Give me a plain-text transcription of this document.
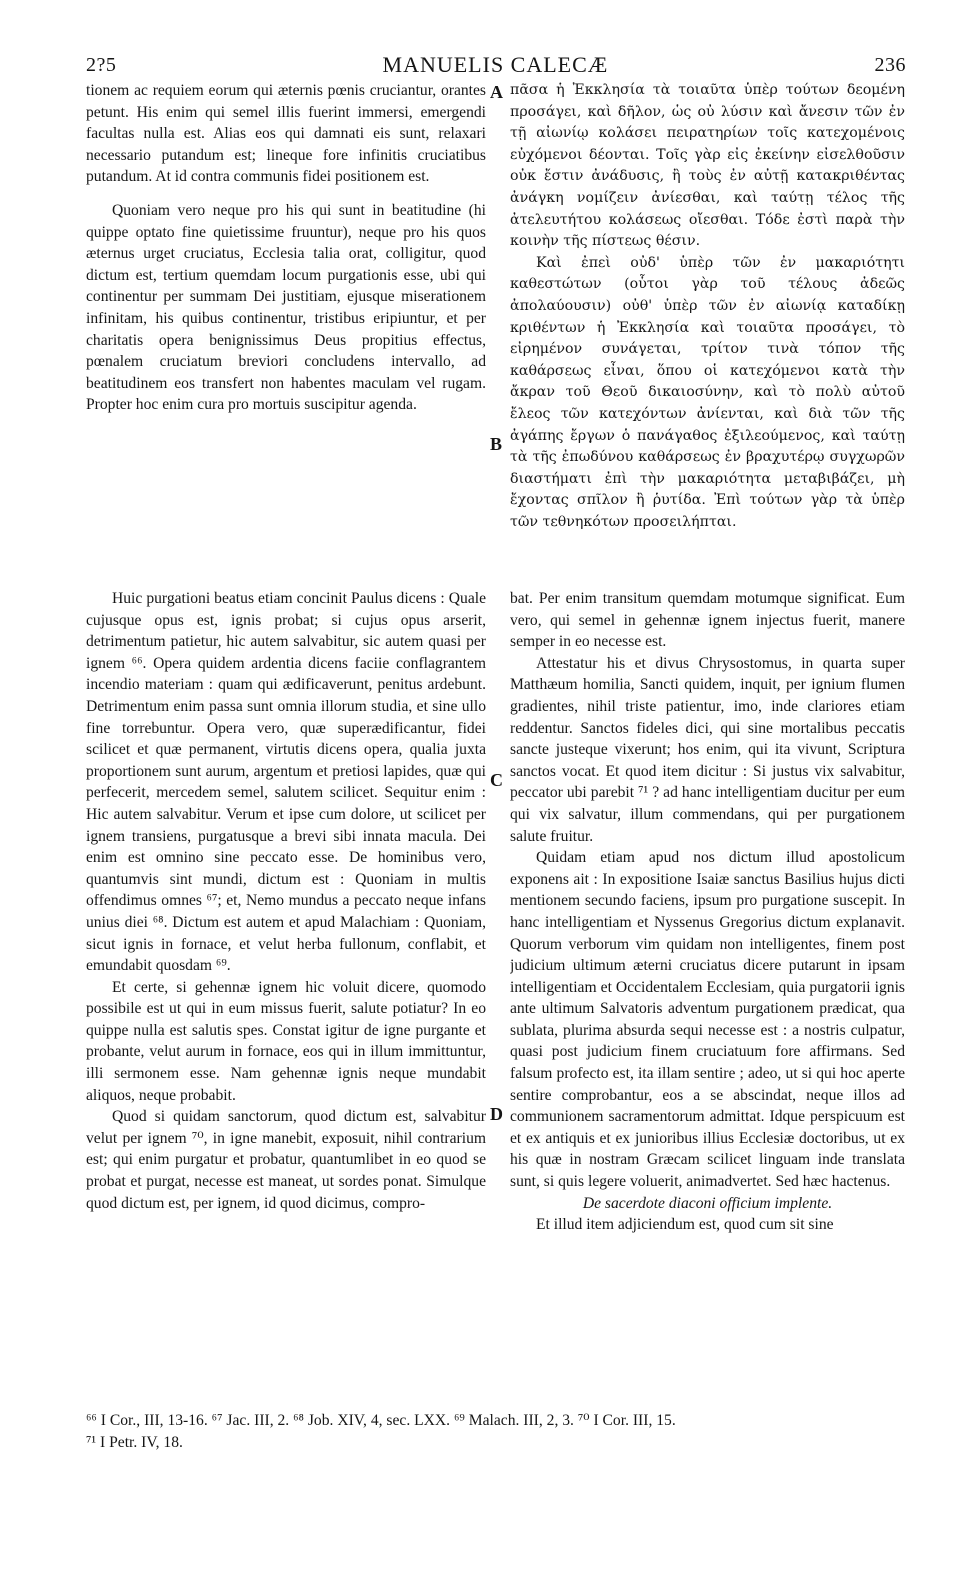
2?5	MANUELIS CALECÆ	236
A
B
C
D

tionem ac requiem eorum qui æternis pœnis cruciantur, orantes petunt. His enim qui semel illis fuerint immersi, emergendi facultas nulla est. Alias eos qui damnati eis sunt, relaxari necessario putandum est; lineque fore infinitis cruciatibus putandum. At id contra communis fidei positionem est.

Quoniam vero neque pro his qui sunt in beatitudine (hi quippe optato fine quietissime fruuntur), neque pro his quos æternus urget cruciatus, Ecclesia talia orat, colligitur, quod dictum est, tertium quemdam locum purgationis esse, ubi qui continentur per summam Dei justitiam, ejusque miserationem infinitam, his quibus continentur, tristibus eripiuntur, et per charitatis opera benignissimus Deus propitius effectus, pœnalem cruciatum breviori concludens intervallo, ad beatitudinem eos transfert non habentes maculam vel rugam. Propter hoc enim cura pro mortuis suscipitur agenda.

πᾶσα ἡ Ἐκκλησία τὰ τοιαῦτα ὑπὲρ τούτων δεομένη προσάγει, καὶ δῆλον, ὡς οὐ λύσιν καὶ ἄνεσιν τῶν ἐν τῇ αἰωνίῳ κολάσει πειρατηρίων τοῖς κατεχομένοις εὐχόμενοι δέονται. Τοῖς γὰρ εἰς ἐκείνην εἰσελθοῦσιν οὐκ ἔστιν ἀνάδυσις, ἢ τοὺς ἐν αὐτῇ κατακριθέντας ἀνάγκη νομίζειν ἀνίεσθαι, καὶ ταύτῃ τέλος τῆς ἀτελευτήτου κολάσεως οἴεσθαι. Τόδε ἐστὶ παρὰ τὴν κοινὴν τῆς πίστεως θέσιν.

Καὶ ἐπεὶ οὐδ' ὑπὲρ τῶν ἐν μακαριότητι καθεστώτων (οὗτοι γὰρ τοῦ τέλους ἀδεῶς ἀπολαύουσιν) οὐθ' ὑπὲρ τῶν ἐν αἰωνίᾳ καταδίκῃ κριθέντων ἡ Ἐκκλησία καὶ τοιαῦτα προσάγει, τὸ εἰρημένον συνάγεται, τρίτον τινὰ τόπον τῆς καθάρσεως εἶναι, ὅπου οἱ κατεχόμενοι κατὰ τὴν ἄκραν τοῦ Θεοῦ δικαιοσύνην, καὶ τὸ πολὺ αὐτοῦ ἔλεος τῶν κατεχόντων ἀνίενται, καὶ διὰ τῶν τῆς ἀγάπης ἔργων ὁ πανάγαθος ἐξιλεούμενος, καὶ ταύτῃ τὰ τῆς ἐπωδύνου καθάρσεως ἐν βραχυτέρῳ συγχωρῶν διαστήματι ἐπὶ τὴν μακαριότητα μεταβιβάζει, μὴ ἔχοντας σπῖλον ἢ ῥυτίδα. Ἐπὶ τούτων γὰρ τὰ ὑπὲρ τῶν τεθνηκότων προσειλήπται.

Huic purgationi beatus etiam concinit Paulus dicens : Quale cujusque opus est, ignis probat; si cujus opus arserit, detrimentum patietur, hic autem salvabitur, sic autem quasi per ignem ⁶⁶. Opera quidem ardentia dicens faciie conflagrantem incendio materiam : quam qui ædificaverunt, penitus ardebunt. Detrimentum enim passa sunt omnia illorum studia, et sine ullo fine torrebuntur. Opera vero, quæ superædificantur, fidei scilicet et quæ permanent, virtutis dicens opera, qualia juxta proportionem sunt aurum, argentum et pretiosi lapides, quæ qui perfecerit, mercedem semel, salutem scilicet. Sequitur enim : Hic autem salvabitur. Verum et ipse cum dolore, ut scilicet per ignem transiens, purgatusque a brevi sibi innata macula. Dei enim est omnino sine peccato esse. De hominibus vero, quantumvis sint mundi, dictum est : Quoniam in multis offendimus omnes ⁶⁷; et, Nemo mundus a peccato neque infans unius diei ⁶⁸. Dictum est autem et apud Malachiam : Quoniam, sicut ignis in fornace, et velut herba fullonum, conflabit, et emundabit quosdam ⁶⁹.

Et certe, si gehennæ ignem hic voluit dicere, quomodo possibile est ut qui in eum missus fuerit, salute potiatur? In eo quippe nulla est salutis spes. Constat igitur de igne purgante et probante, velut aurum in fornace, eos qui in illum immittuntur, illi sermonem esse. Nam gehennæ ignis neque mundabit aliquos, neque probabit.

Quod si quidam sanctorum, quod dictum est, salvabitur velut per ignem ⁷⁰, in igne manebit, exposuit, nihil contrarium est; qui enim purgatur et probatur, quantumlibet in eo quod se probat et purgat, necesse est maneat, ut sordes ponat. Simulque quod dictum est, per ignem, id quod dicimus, compro-

bat. Per enim transitum quemdam motumque significat. Eum vero, qui semel in gehennæ ignem injectus fuerit, manere semper in eo necesse est.

Attestatur his et divus Chrysostomus, in quarta super Matthæum homilia, Sancti quidem, inquit, per ignium flumen gradientes, nihil triste patientur, imo, inde clariores etiam reddentur. Sanctos fideles dici, qui sine mortalibus peccatis sancte justeque vixerunt; hos enim, qui ita vivunt, Scriptura sanctos vocat. Et quod item dicitur : Si justus vix salvabitur, peccator ubi parebit ⁷¹ ? ad hanc intelligentiam ducitur per eum qui vix salvatur, illum commendans, qui per purgationem salute fruitur.

Quidam etiam apud nos dictum illud apostolicum exponens ait : In expositione Isaiæ sanctus Basilius hujus dicti mentionem secundo faciens, ipsum pro purgatione suscepit. In hanc intelligentiam et Nyssenus Gregorius dictum explanavit. Quorum verborum vim quidam non intelligentes, finem post judicium ultimum æterni cruciatus dicere putarunt in ipsam intelligentiam et Occidentalem Ecclesiam, quia purgatorii ignis ante ultimum Salvatoris adventum purgationem prædicat, qua sublata, plurima absurda sequi necesse est : a nostris culpatur, quasi post judicium finem cruciatuum fore affirmans. Sed falsum profecto est, ita illam sentire ; adeo, ut si qui hoc aperte sentire comprobantur, eos a se abscindat, neque illos ad communionem sacramentorum admittat. Idque perspicuum est et ex antiquis et ex junioribus illius Ecclesiæ doctoribus, ut ex his quæ in nostram Græcam scilicet linguam inde translata sunt, si quis legere voluerit, animadvertet. Sed hæc hactenus.

De sacerdote diaconi officium implente.

Et illud item adjiciendum est, quod cum sit sine

⁶⁶ I Cor., III, 13-16. ⁶⁷ Jac. III, 2. ⁶⁸ Job. XIV, 4, sec. LXX. ⁶⁹ Malach. III, 2, 3. ⁷⁰ I Cor. III, 15.

⁷¹ I Petr. IV, 18.
